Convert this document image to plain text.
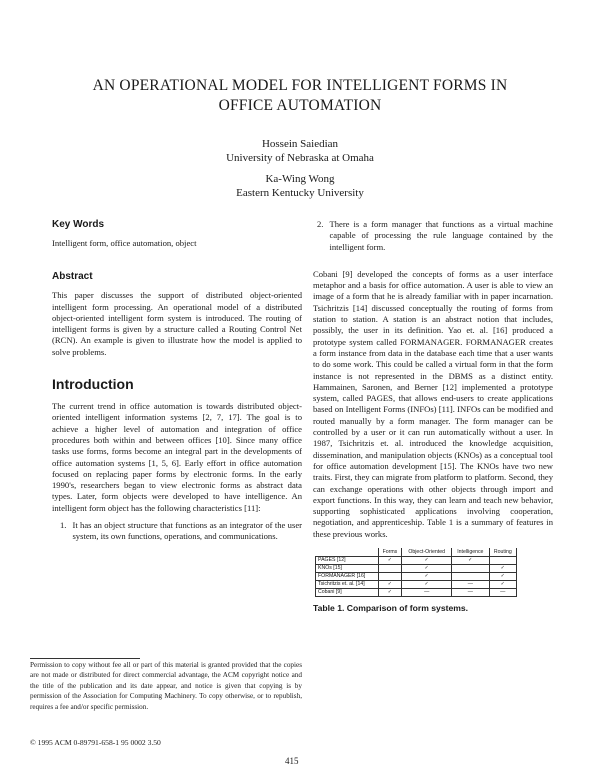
AN OPERATIONAL MODEL FOR INTELLIGENT FORMS IN
OFFICE AUTOMATION
Hossein Saiedian
University of Nebraska at Omaha
Ka-Wing Wong
Eastern Kentucky University
Key Words
Intelligent form, office automation, object
Abstract
This paper discusses the support of distributed object-oriented intelligent form processing. An operational model of a distributed object-oriented intelligent form system is introduced. The routing of intelligent forms is given by a structure called a Routing Control Net (RCN). An example is given to illustrate how the model is applied to solve problems.
Introduction
The current trend in office automation is towards distributed object-oriented intelligent information systems [2, 7, 17]. The goal is to achieve a higher level of automation and integration of office procedures both within and between offices [10]. Since many office tasks use forms, forms become an integral part in the developments of office automation systems [1, 5, 6]. Early effort in office automation focused on replacing paper forms by electronic forms. In the early 1990's, researchers began to view electronic forms as abstract data types. Later, form objects were developed to have intelligence. An intelligent form object has the following characteristics [11]:
1. It has an object structure that functions as an integrator of the user system, its own functions, operations, and communications.
2. There is a form manager that functions as a virtual machine capable of processing the rule language contained by the intelligent form.
Cobani [9] developed the concepts of forms as a user interface metaphor and a basis for office automation. A user is able to view an image of a form that he is already familiar with in paper incarnation. Tsichritzis [14] discussed conceptually the routing of forms from station to station. A station is an abstract notion that includes, possibly, the user in its definition. Yao et. al. [16] produced a prototype system called FORMANAGER. FORMANAGER creates a form instance from data in the database each time that a user wants to do some work. This could be called a virtual form in that the form instance is not represented in the DBMS as a distinct entity. Hammainen, Saronen, and Berner [12] implemented a prototype system, called PAGES, that allows end-users to create applications based on Intelligent Forms (INFOs) [11]. INFOs can be modified and routed manually by a form manager. The form manager can be controlled by a user or it can run automatically without a user. In 1987, Tsichritzis et. al. introduced the knowledge acquisition, dissemination, and manipulation objects (KNOs) as a conceptual tool for office automation development [15]. The KNOs have two new traits. First, they can migrate from platform to platform. Second, they can exchange operations with other objects through import and export functions. In this way, they can learn and teach new behavior, supporting sophisticated applications involving cooperation, negotiation, and apprenticeship. Table 1 is a summary of features in these previous works.
	Forms	Object-Oriented	Intelligence	Routing
PAGES [12]	✓	✓	✓	
KNOs [15]		✓		✓
FORMANAGER [16]		✓		✓
Tsichritzis et. al. [14]	✓	✓	—	✓
Cobani [9]	✓	—	—	—
Table 1. Comparison of form systems.
Permission to copy without fee all or part of this material is granted provided that the copies are not made or distributed for direct commercial advantage, the ACM copyright notice and the title of the publication and its date appear, and notice is given that copying is by permission of the Association for Computing Machinery. To copy otherwise, or to republish, requires a fee and/or specific permission.
© 1995 ACM 0-89791-658-1 95 0002 3.50
415
